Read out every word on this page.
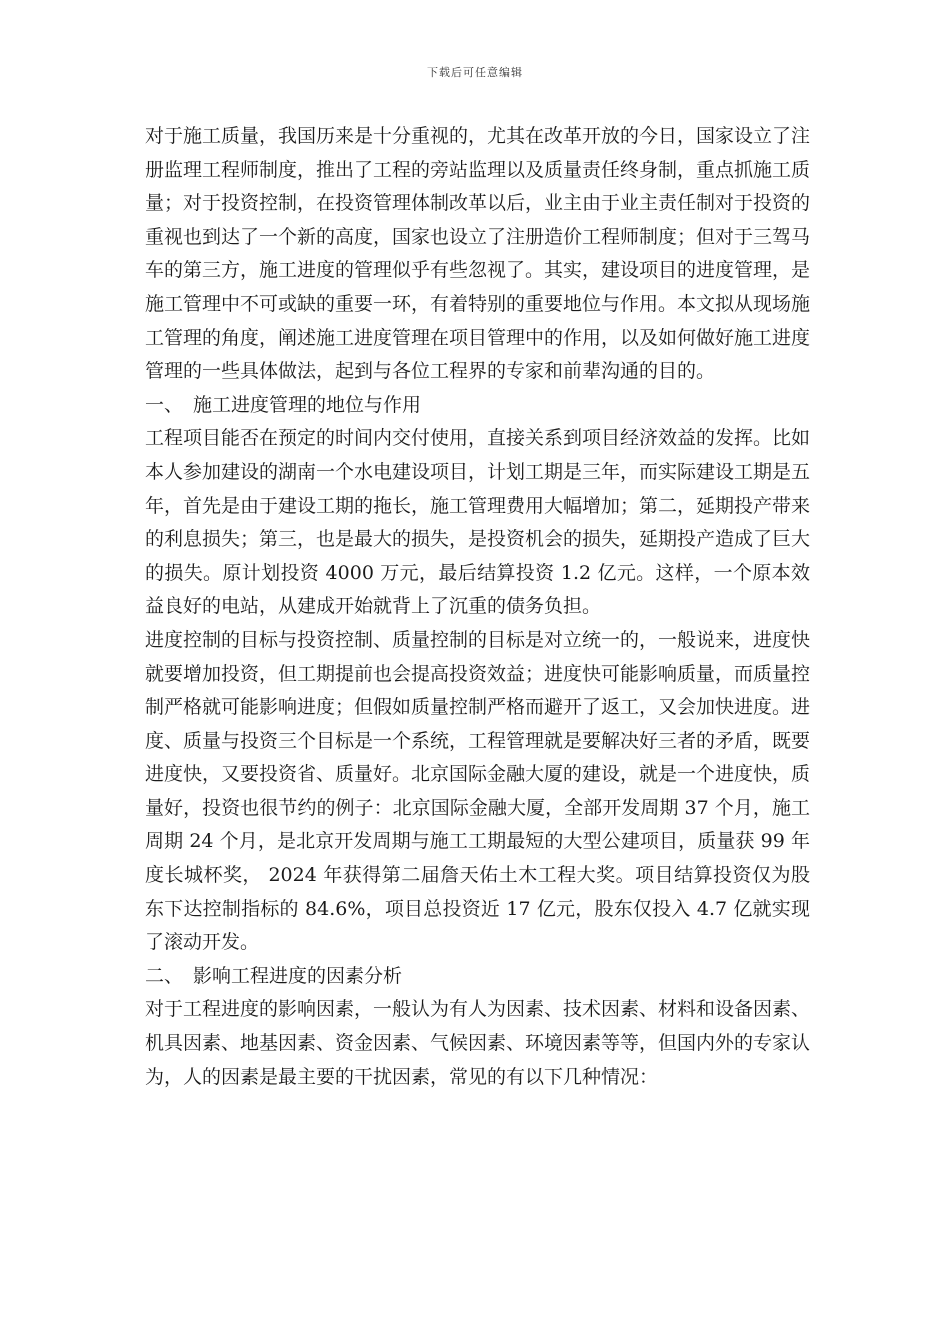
下载后可任意编辑

对于施工质量，我国历来是十分重视的，尤其在改革开放的今日，国家设立了注册监理工程师制度，推出了工程的旁站监理以及质量责任终身制，重点抓施工质量；对于投资控制，在投资管理体制改革以后，业主由于业主责任制对于投资的重视也到达了一个新的高度，国家也设立了注册造价工程师制度；但对于三驾马车的第三方，施工进度的管理似乎有些忽视了。其实，建设项目的进度管理，是施工管理中不可或缺的重要一环，有着特别的重要地位与作用。本文拟从现场施工管理的角度，阐述施工进度管理在项目管理中的作用，以及如何做好施工进度管理的一些具体做法，起到与各位工程界的专家和前辈沟通的目的。

一、 施工进度管理的地位与作用

工程项目能否在预定的时间内交付使用，直接关系到项目经济效益的发挥。比如本人参加建设的湖南一个水电建设项目，计划工期是三年，而实际建设工期是五年，首先是由于建设工期的拖长，施工管理费用大幅增加；第二，延期投产带来的利息损失；第三，也是最大的损失，是投资机会的损失，延期投产造成了巨大的损失。原计划投资 4000 万元，最后结算投资 1.2 亿元。这样，一个原本效益良好的电站，从建成开始就背上了沉重的债务负担。

进度控制的目标与投资控制、质量控制的目标是对立统一的，一般说来，进度快就要增加投资，但工期提前也会提高投资效益；进度快可能影响质量，而质量控制严格就可能影响进度；但假如质量控制严格而避开了返工，又会加快进度。进度、质量与投资三个目标是一个系统，工程管理就是要解决好三者的矛盾，既要进度快，又要投资省、质量好。北京国际金融大厦的建设，就是一个进度快，质量好，投资也很节约的例子：北京国际金融大厦，全部开发周期 37 个月，施工周期 24 个月，是北京开发周期与施工工期最短的大型公建项目，质量获 99 年度长城杯奖， 2024 年获得第二届詹天佑土木工程大奖。项目结算投资仅为股东下达控制指标的 84.6%，项目总投资近 17 亿元，股东仅投入 4.7 亿就实现了滚动开发。

二、 影响工程进度的因素分析

对于工程进度的影响因素，一般认为有人为因素、技术因素、材料和设备因素、机具因素、地基因素、资金因素、气候因素、环境因素等等，但国内外的专家认为，人的因素是最主要的干扰因素，常见的有以下几种情况：
